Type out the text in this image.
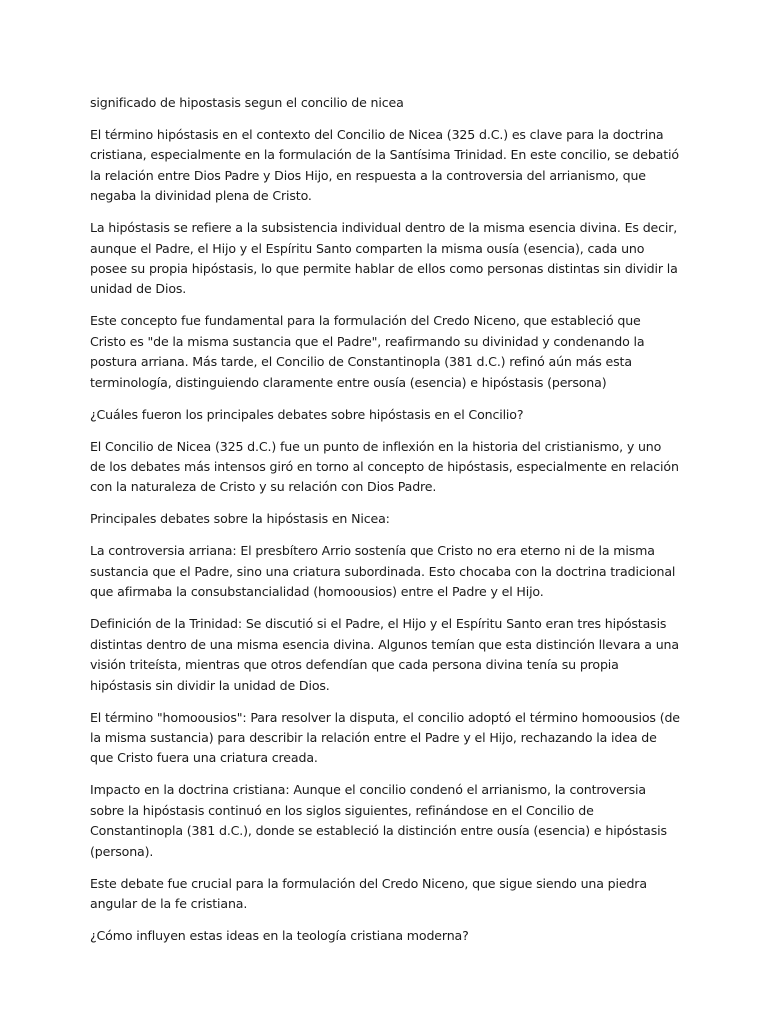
significado de hipostasis segun el concilio de nicea

El término hipóstasis en el contexto del Concilio de Nicea (325 d.C.) es clave para la doctrina cristiana, especialmente en la formulación de la Santísima Trinidad. En este concilio, se debatió la relación entre Dios Padre y Dios Hijo, en respuesta a la controversia del arrianismo, que negaba la divinidad plena de Cristo.

La hipóstasis se refiere a la subsistencia individual dentro de la misma esencia divina. Es decir, aunque el Padre, el Hijo y el Espíritu Santo comparten la misma ousía (esencia), cada uno posee su propia hipóstasis, lo que permite hablar de ellos como personas distintas sin dividir la unidad de Dios.

Este concepto fue fundamental para la formulación del Credo Niceno, que estableció que Cristo es "de la misma sustancia que el Padre", reafirmando su divinidad y condenando la postura arriana. Más tarde, el Concilio de Constantinopla (381 d.C.) refinó aún más esta terminología, distinguiendo claramente entre ousía (esencia) e hipóstasis (persona)

¿Cuáles fueron los principales debates sobre hipóstasis en el Concilio?

El Concilio de Nicea (325 d.C.) fue un punto de inflexión en la historia del cristianismo, y uno de los debates más intensos giró en torno al concepto de hipóstasis, especialmente en relación con la naturaleza de Cristo y su relación con Dios Padre.

Principales debates sobre la hipóstasis en Nicea:

La controversia arriana: El presbítero Arrio sostenía que Cristo no era eterno ni de la misma sustancia que el Padre, sino una criatura subordinada. Esto chocaba con la doctrina tradicional que afirmaba la consubstancialidad (homoousios) entre el Padre y el Hijo.

Definición de la Trinidad: Se discutió si el Padre, el Hijo y el Espíritu Santo eran tres hipóstasis distintas dentro de una misma esencia divina. Algunos temían que esta distinción llevara a una visión triteísta, mientras que otros defendían que cada persona divina tenía su propia hipóstasis sin dividir la unidad de Dios.

El término "homoousios": Para resolver la disputa, el concilio adoptó el término homoousios (de la misma sustancia) para describir la relación entre el Padre y el Hijo, rechazando la idea de que Cristo fuera una criatura creada.

Impacto en la doctrina cristiana: Aunque el concilio condenó el arrianismo, la controversia sobre la hipóstasis continuó en los siglos siguientes, refinándose en el Concilio de Constantinopla (381 d.C.), donde se estableció la distinción entre ousía (esencia) e hipóstasis (persona).

Este debate fue crucial para la formulación del Credo Niceno, que sigue siendo una piedra angular de la fe cristiana.

¿Cómo influyen estas ideas en la teología cristiana moderna?
